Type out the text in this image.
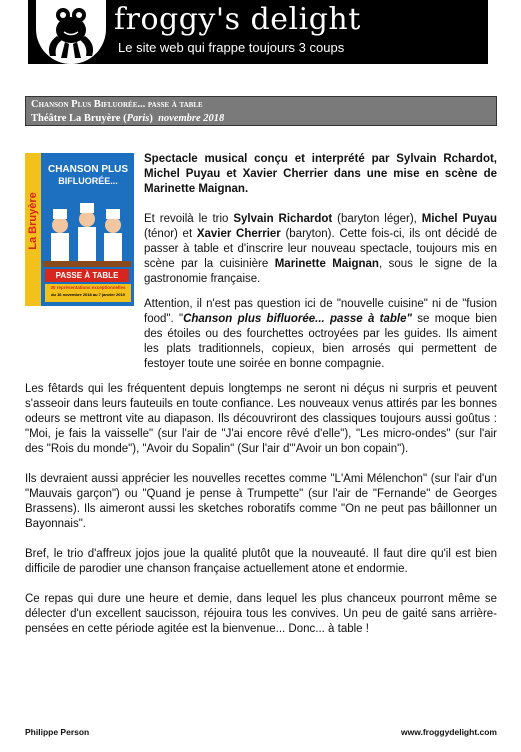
froggy's delight
Le site web qui frappe toujours 3 coups
Chanson Plus Bifluorée... passe à table
Théâtre La Bruyère (Paris)  novembre 2018
CHANSON PLUS
BIFLUORÉE...
La Bruyère
PASSE À TABLE
30 représentations exceptionnelles
du 16 novembre 2018 au 7 janvier 2019

Spectacle musical conçu et interprété par Sylvain Rchardot, Michel Puyau et Xavier Cherrier dans une mise en scène de Marinette Maignan.

Et revoilà le trio Sylvain Richardot (baryton léger), Michel Puyau (ténor) et Xavier Cherrier (baryton). Cette fois-ci, ils ont décidé de passer à table et d'inscrire leur nouveau spectacle, toujours mis en scène par la cuisinière Marinette Maignan, sous le signe de la gastronomie française.

Attention, il n'est pas question ici de "nouvelle cuisine" ni de "fusion food". "Chanson plus bifluorée... passe à table" se moque bien des étoiles ou des fourchettes octroyées par les guides. Ils aiment les plats traditionnels, copieux, bien arrosés qui permettent de festoyer toute une soirée en bonne compagnie.

Les fêtards qui les fréquentent depuis longtemps ne seront ni déçus ni surpris et peuvent s'asseoir dans leurs fauteuils en toute confiance. Les nouveaux venus attirés par les bonnes odeurs se mettront vite au diapason. Ils découvriront des classiques toujours aussi goûtus : "Moi, je fais la vaisselle" (sur l'air de "J'ai encore rêvé d'elle"), "Les micro-ondes" (sur l'air des "Rois du monde"), "Avoir du Sopalin" (Sur l'air d"'Avoir un bon copain").

Ils devraient aussi apprécier les nouvelles recettes comme "L'Ami Mélenchon" (sur l'air d'un "Mauvais garçon") ou "Quand je pense à Trumpette" (sur l'air de "Fernande" de Georges Brassens). Ils aimeront aussi les sketches roboratifs comme "On ne peut pas bâillonner un Bayonnais".

Bref, le trio d'affreux jojos joue la qualité plutôt que la nouveauté. Il faut dire qu'il est bien difficile de parodier une chanson française actuellement atone et endormie.

Ce repas qui dure une heure et demie, dans lequel les plus chanceux pourront même se délecter d'un excellent saucisson, réjouira tous les convives. Un peu de gaité sans arrière-pensées en cette période agitée est la bienvenue... Donc... à table !

Philippe Person	www.froggydelight.com
